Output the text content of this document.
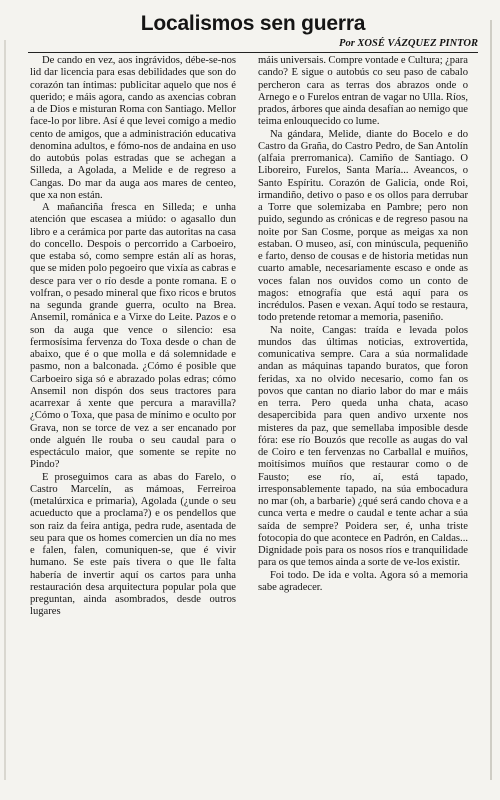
Localismos sen guerra
Por XOSÉ VÁZQUEZ PINTOR

De cando en vez, aos ingrávidos, débe-se-nos lid dar licencia para esas debilidades que son do corazón tan íntimas: publicitar aquelo que nos é querido; e máis agora, cando as axencias cobran a de Dios e misturan Roma con Santiago. Mellor face-lo por libre. Así é que levei comigo a medio cento de amigos, que a administración educativa denomina adultos, e fómo-nos de andaina en uso do autobús polas estradas que se achegan a Silleda, a Agolada, a Melide e de regreso a Cangas. Do mar da auga aos mares de centeo, que xa non están.

A mañanciña fresca en Silleda; e unha atención que escasea a miúdo: o agasallo dun libro e a cerámica por parte das autoritas na casa do concello. Despois o percorrido a Carboeiro, que estaba só, como sempre están alí as horas, que se miden polo pegoeiro que vixía as cabras e desce para ver o río desde a ponte romana. E o volfran, o pesado mineral que fixo ricos e brutos na segunda grande guerra, oculto na Brea. Ansemil, románica e a Virxe do Leite. Pazos e o son da auga que vence o silencio: esa fermosísima fervenza do Toxa desde o chan de abaixo, que é o que molla e dá solemnidade e pasmo, non a balconada. ¿Cómo é posible que Carboeiro siga só e abrazado polas edras; cómo Ansemil non dispón dos seus tractores para acarrexar á xente que percura a maravilla? ¿Cómo o Toxa, que pasa de mínimo e oculto por Grava, non se torce de vez a ser encanado por onde alguén lle rouba o seu caudal para o espectáculo maior, que somente se repite no Pindo?

E proseguimos cara as abas do Farelo, o Castro Marcelín, as mámoas, Ferreiroa (metalúrxica e primaria), Agolada (¿unde o seu acueducto que a proclama?) e os pendellos que son raiz da feira antiga, pedra rude, asentada de seu para que os homes comercien un día no mes e falen, falen, comuniquen-se, que é vivir humano. Se este país tivera o que lle falta habería de invertir aquí os cartos para unha restauración desa arquitectura popular pola que preguntan, ainda asombrados, desde outros lugares

máis universais. Compre vontade e Cultura; ¿para cando? E sigue o autobús co seu paso de cabalo percheron cara as terras dos abrazos onde o Arnego e o Furelos entran de vagar no Ulla. Ríos, prados, árbores que ainda desafían ao nemigo que teima enlouquecido co lume.

Na gándara, Melide, diante do Bocelo e do Castro da Graña, do Castro Pedro, de San Antolín (alfaia prerromanica). Camiño de Santiago. O Liboreiro, Furelos, Santa María... Aveancos, o Santo Espíritu. Corazón de Galicia, onde Roi, irmandiño, detivo o paso e os ollos para derrubar a Torre que solemizaba en Pambre; pero non puido, segundo as crónicas e de regreso pasou na noite por San Cosme, porque as meigas xa non estaban. O museo, así, con minúscula, pequeniño e farto, denso de cousas e de historia metidas nun cuarto amable, necesariamente escaso e onde as voces falan nos ouvidos como un conto de magos: etnografía que está aquí para os incrédulos. Pasen e vexan. Aquí todo se restaura, todo pretende retomar a memoria, paseniño.

Na noite, Cangas: traída e levada polos mundos das últimas noticias, extrovertida, comunicativa sempre. Cara a súa normalidade andan as máquinas tapando buratos, que foron feridas, xa no olvido necesario, como fan os povos que cantan no diario labor do mar e máis en terra. Pero queda unha chata, acaso desapercibida para quen andivo urxente nos misteres da paz, que semellaba imposible desde fóra: ese río Bouzós que recolle as augas do val de Coiro e ten fervenzas no Carballal e muíños, moitísimos muíños que restaurar como o de Fausto; ese río, aí, está tapado, irresponsablemente tapado, na súa embocadura no mar (oh, a barbarie) ¿qué será cando chova e a cunca verta e medre o caudal e tente achar a súa saída de sempre? Poidera ser, é, unha triste fotocopia do que acontece en Padrón, en Caldas... Dignidade pois para os nosos ríos e tranquilidade para os que temos ainda a sorte de ve-los existir.

Foi todo. De ida e volta. Agora só a memoria sabe agradecer.
